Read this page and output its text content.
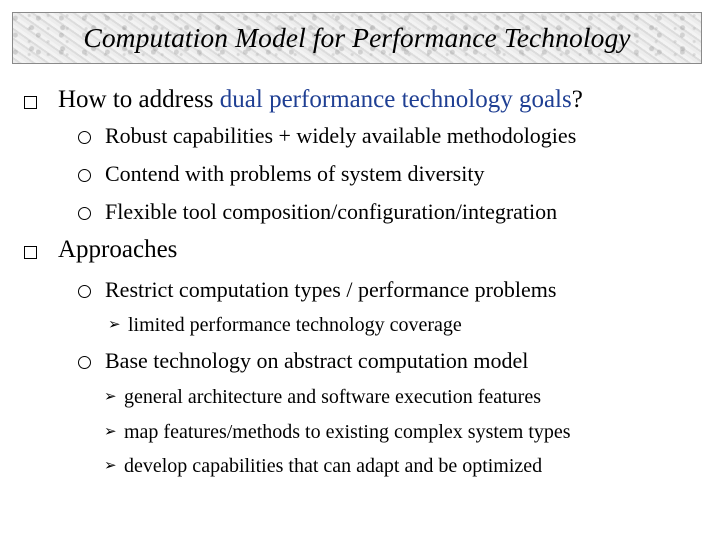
Computation Model for Performance Technology
How to address dual performance technology goals?
Robust capabilities + widely available methodologies
Contend with problems of system diversity
Flexible tool composition/configuration/integration
Approaches
Restrict computation types / performance problems
➢ limited performance technology coverage
Base technology on abstract computation model
➢ general architecture and software execution features
➢ map features/methods to existing complex system types
➢ develop capabilities that can adapt and be optimized
